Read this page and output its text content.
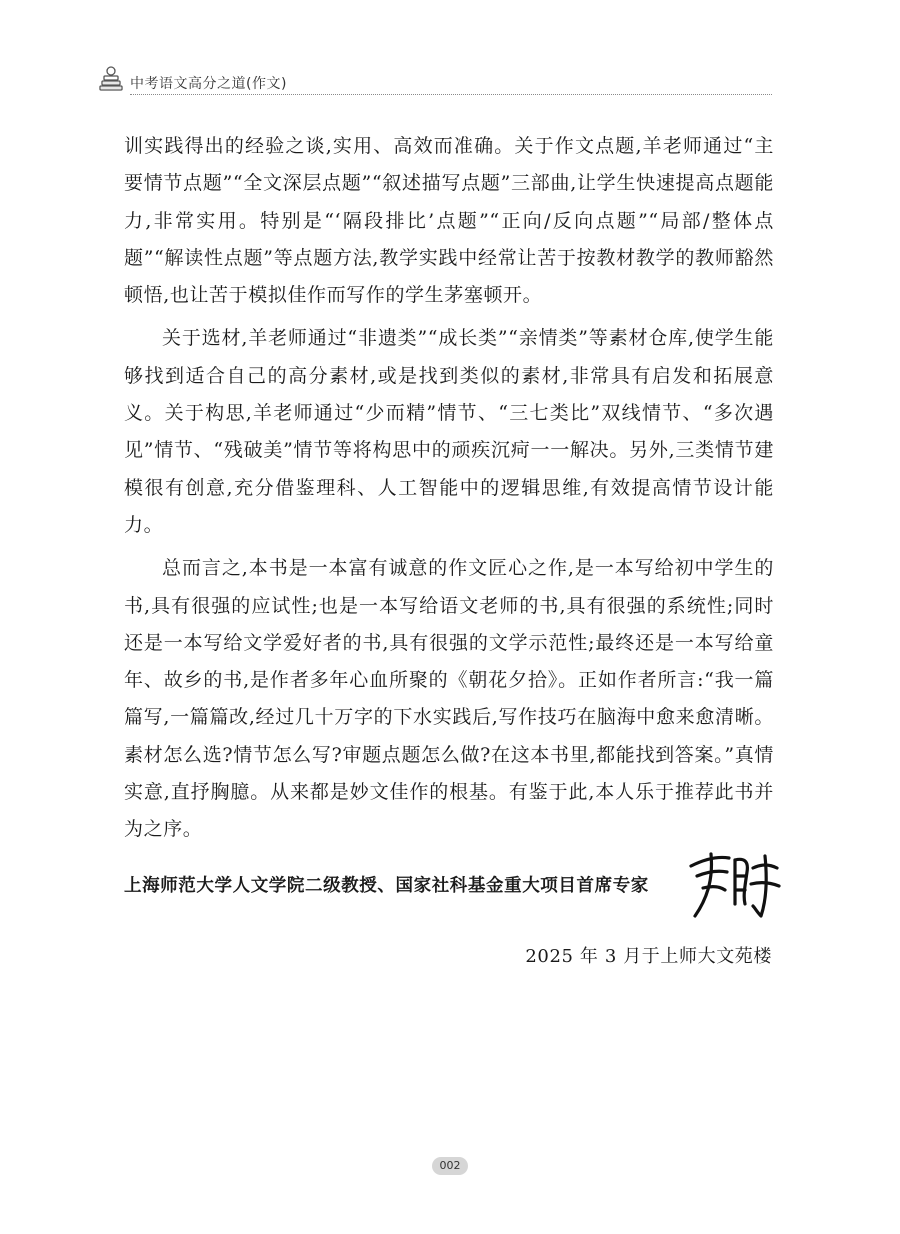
中考语文高分之道(作文)

训实践得出的经验之谈,实用、高效而准确。关于作文点题,羊老师通过“主要情节点题”“全文深层点题”“叙述描写点题”三部曲,让学生快速提高点题能力,非常实用。特别是“‘隔段排比’点题”“正向/反向点题”“局部/整体点题”“解读性点题”等点题方法,教学实践中经常让苦于按教材教学的教师豁然顿悟,也让苦于模拟佳作而写作的学生茅塞顿开。

关于选材,羊老师通过“非遗类”“成长类”“亲情类”等素材仓库,使学生能够找到适合自己的高分素材,或是找到类似的素材,非常具有启发和拓展意义。关于构思,羊老师通过“少而精”情节、“三七类比”双线情节、“多次遇见”情节、“残破美”情节等将构思中的顽疾沉疴一一解决。另外,三类情节建模很有创意,充分借鉴理科、人工智能中的逻辑思维,有效提高情节设计能力。

总而言之,本书是一本富有诚意的作文匠心之作,是一本写给初中学生的书,具有很强的应试性;也是一本写给语文老师的书,具有很强的系统性;同时还是一本写给文学爱好者的书,具有很强的文学示范性;最终还是一本写给童年、故乡的书,是作者多年心血所聚的《朝花夕拾》。正如作者所言:“我一篇篇写,一篇篇改,经过几十万字的下水实践后,写作技巧在脑海中愈来愈清晰。素材怎么选?情节怎么写?审题点题怎么做?在这本书里,都能找到答案。”真情实意,直抒胸臆。从来都是妙文佳作的根基。有鉴于此,本人乐于推荐此书并为之序。

上海师范大学人文学院二级教授、国家社科基金重大项目首席专家
2025 年 3 月于上师大文苑楼
002
